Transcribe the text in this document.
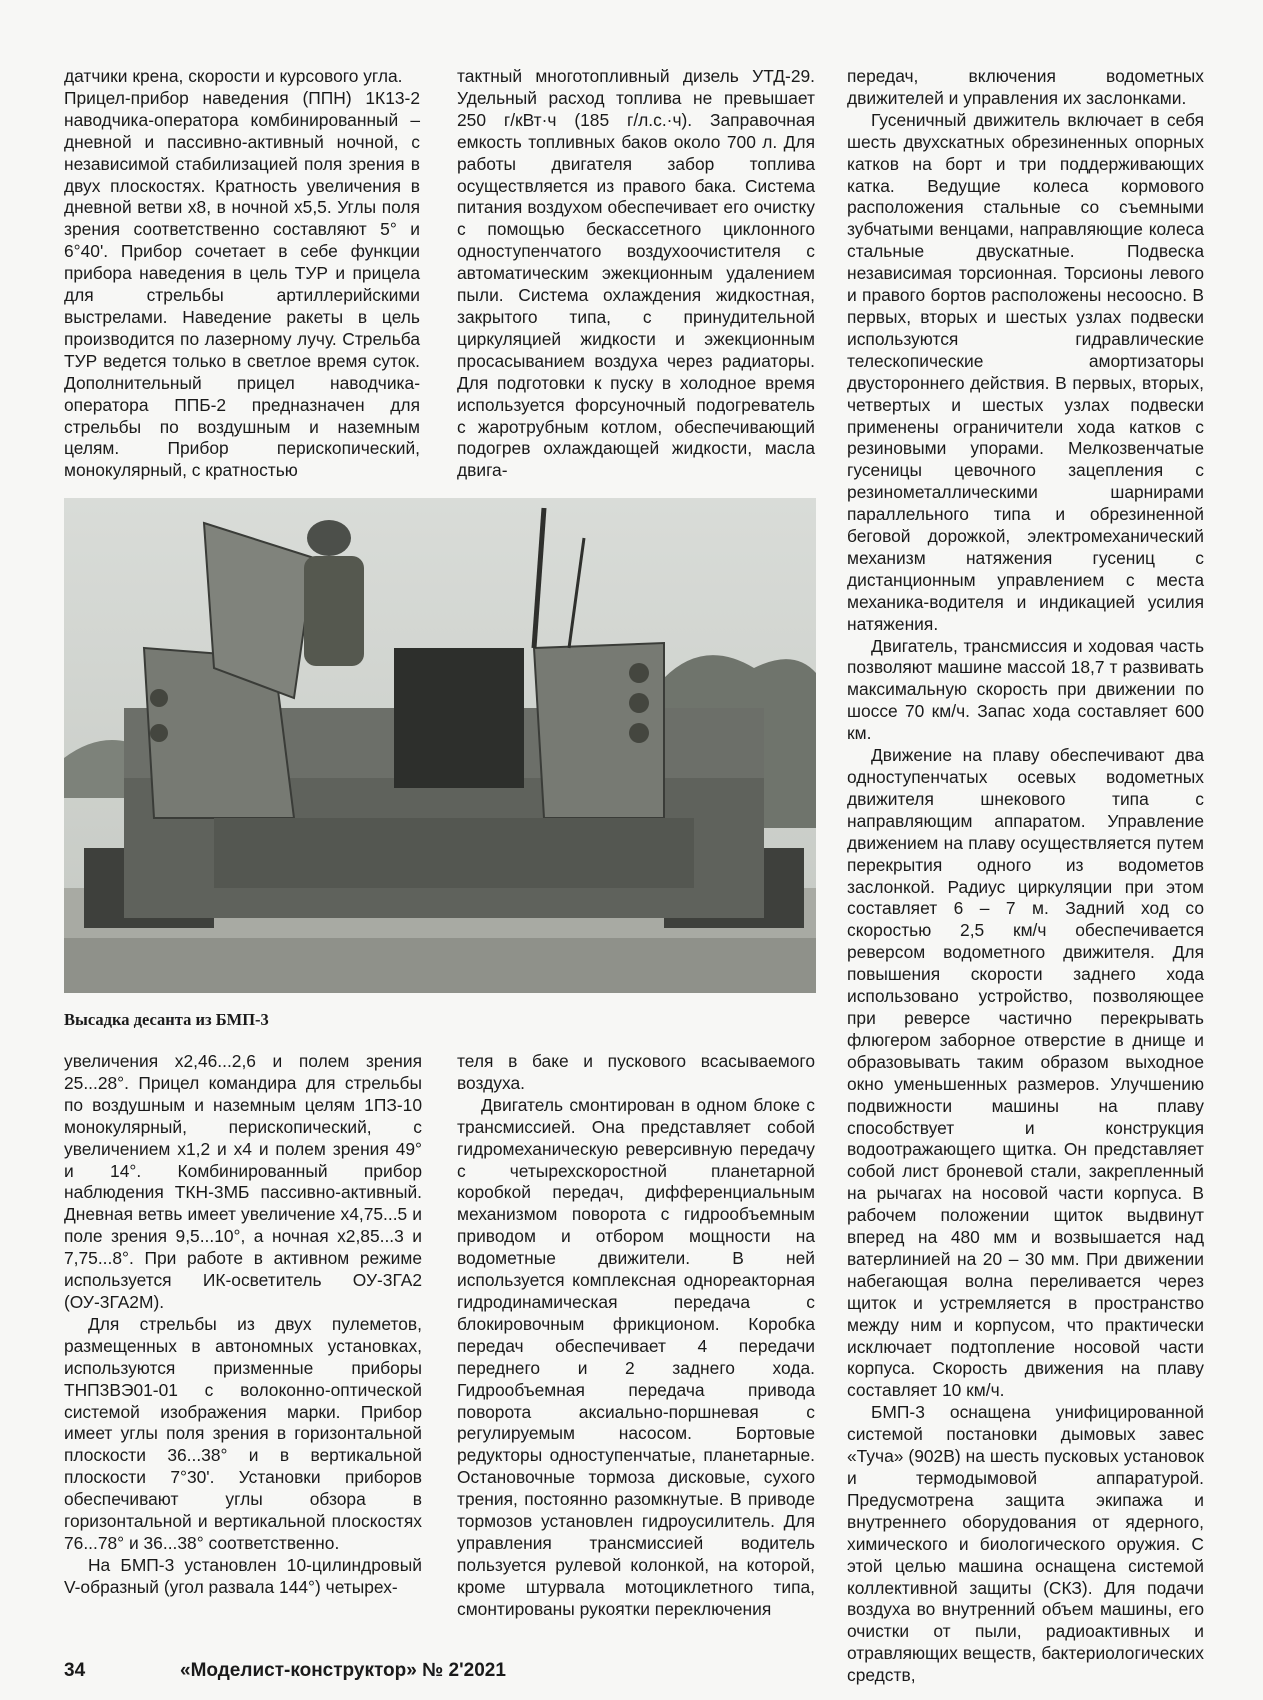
датчики крена, скорости и курсового угла.

Прицел-прибор наведения (ППН) 1К13-2 наводчика-оператора комбинированный – дневной и пассивно-активный ночной, с независимой стабилизацией поля зрения в двух плоскостях. Кратность увеличения в дневной ветви х8, в ночной х5,5. Углы поля зрения соответственно составляют 5° и 6°40'. Прибор сочетает в себе функции прибора наведения в цель ТУР и прицела для стрельбы артиллерийскими выстрелами. Наведение ракеты в цель производится по лазерному лучу. Стрельба ТУР ведется только в светлое время суток. Дополнительный прицел наводчика-оператора ППБ-2 предназначен для стрельбы по воздушным и наземным целям. Прибор перископический, монокулярный, с кратностью

тактный многотопливный дизель УТД-29. Удельный расход топлива не превышает 250 г/кВт·ч (185 г/л.с.·ч). Заправочная емкость топливных баков около 700 л. Для работы двигателя забор топлива осуществляется из правого бака. Система питания воздухом обеспечивает его очистку с помощью бескассетного циклонного одноступенчатого воздухоочистителя с автоматическим эжекционным удалением пыли. Система охлаждения жидкостная, закрытого типа, с принудительной циркуляцией жидкости и эжекционным просасыванием воздуха через радиаторы. Для подготовки к пуску в холодное время используется форсуночный подогреватель с жаротрубным котлом, обеспечивающий подогрев охлаждающей жидкости, масла двига-

передач, включения водометных движителей и управления их заслонками.

Гусеничный движитель включает в себя шесть двухскатных обрезиненных опорных катков на борт и три поддерживающих катка. Ведущие колеса кормового расположения стальные со съемными зубчатыми венцами, направляющие колеса стальные двускатные. Подвеска независимая торсионная. Торсионы левого и правого бортов расположены несоосно. В первых, вторых и шестых узлах подвески используются гидравлические телескопические амортизаторы двустороннего действия. В первых, вторых, четвертых и шестых узлах подвески применены ограничители хода катков с резиновыми упорами. Мелкозвенчатые гусеницы цевочного зацепления с резинометаллическими шарнирами параллельного типа и обрезиненной беговой дорожкой, электромеханический механизм натяжения гусениц с дистанционным управлением с места механика-водителя и индикацией усилия натяжения.

Двигатель, трансмиссия и ходовая часть позволяют машине массой 18,7 т развивать максимальную скорость при движении по шоссе 70 км/ч. Запас хода составляет 600 км.

Движение на плаву обеспечивают два одноступенчатых осевых водометных движителя шнекового типа с направляющим аппаратом. Управление движением на плаву осуществляется путем перекрытия одного из водометов заслонкой. Радиус циркуляции при этом составляет 6 – 7 м. Задний ход со скоростью 2,5 км/ч обеспечивается реверсом водометного движителя. Для повышения скорости заднего хода использовано устройство, позволяющее при реверсе частично перекрывать флюгером заборное отверстие в днище и образовывать таким образом выходное окно уменьшенных размеров. Улучшению подвижности машины на плаву способствует и конструкция водоотражающего щитка. Он представляет собой лист броневой стали, закрепленный на рычагах на носовой части корпуса. В рабочем положении щиток выдвинут вперед на 480 мм и возвышается над ватерлинией на 20 – 30 мм. При движении набегающая волна переливается через щиток и устремляется в пространство между ним и корпусом, что практически исключает подтопление носовой части корпуса. Скорость движения на плаву составляет 10 км/ч.

БМП-3 оснащена унифицированной системой постановки дымовых завес «Туча» (902В) на шесть пусковых установок и термодымовой аппаратурой. Предусмотрена защита экипажа и внутреннего оборудования от ядерного, химического и биологического оружия. С этой целью машина оснащена системой коллективной защиты (СКЗ). Для подачи воздуха во внутренний объем машины, его очистки от пыли, радиоактивных и отравляющих веществ, бактериологических средств,

Высадка десанта из БМП-3

увеличения х2,46...2,6 и полем зрения 25...28°. Прицел командира для стрельбы по воздушным и наземным целям 1ПЗ-10 монокулярный, перископический, с увеличением х1,2 и х4 и полем зрения 49° и 14°. Комбинированный прибор наблюдения ТКН-3МБ пассивно-активный. Дневная ветвь имеет увеличение х4,75...5 и поле зрения 9,5...10°, а ночная х2,85...3 и 7,75...8°. При работе в активном режиме используется ИК-осветитель ОУ-3ГА2 (ОУ-3ГА2М).

Для стрельбы из двух пулеметов, размещенных в автономных установках, используются призменные приборы ТНП3ВЭ01-01 с волоконно-оптической системой изображения марки. Прибор имеет углы поля зрения в горизонтальной плоскости 36...38° и в вертикальной плоскости 7°30'. Установки приборов обеспечивают углы обзора в горизонтальной и вертикальной плоскостях 76...78° и 36...38° соответственно.

На БМП-3 установлен 10-цилиндровый V-образный (угол развала 144°) четырех-

теля в баке и пускового всасываемого воздуха.

Двигатель смонтирован в одном блоке с трансмиссией. Она представляет собой гидромеханическую реверсивную передачу с четырехскоростной планетарной коробкой передач, дифференциальным механизмом поворота с гидрообъемным приводом и отбором мощности на водометные движители. В ней используется комплексная однореакторная гидродинамическая передача с блокировочным фрикционом. Коробка передач обеспечивает 4 передачи переднего и 2 заднего хода. Гидрообъемная передача привода поворота аксиально-поршневая с регулируемым насосом. Бортовые редукторы одноступенчатые, планетарные. Остановочные тормоза дисковые, сухого трения, постоянно разомкнутые. В приводе тормозов установлен гидроусилитель. Для управления трансмиссией водитель пользуется рулевой колонкой, на которой, кроме штурвала мотоциклетного типа, смонтированы рукоятки переключения

34	«Моделист-конструктор» № 2'2021
